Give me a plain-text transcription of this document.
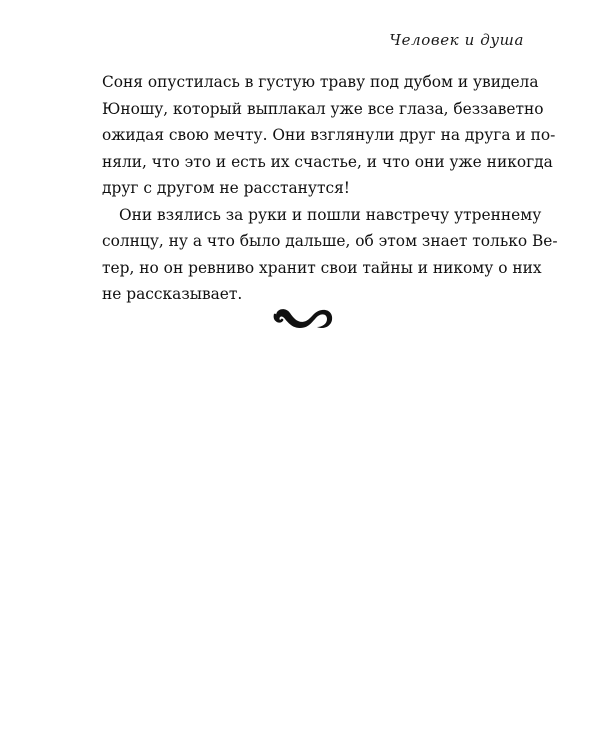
Человек и душа
Соня опустилась в густую траву под дубом и увидела
Юношу, который выплакал уже все глаза, беззаветно
ожидая свою мечту. Они взглянули друг на друга и по-
няли, что это и есть их счастье, и что они уже никогда
друг с другом не расстанутся!
Они взялись за руки и пошли навстречу утреннему
солнцу, ну а что было дальше, об этом знает только Ве-
тер, но он ревниво хранит свои тайны и никому о них
не рассказывает.
